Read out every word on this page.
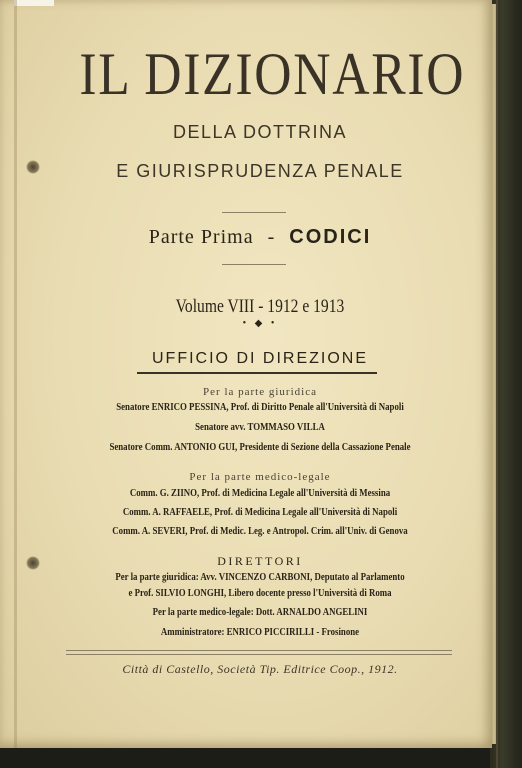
IL DIZIONARIO
DELLA DOTTRINA
E GIURISPRUDENZA PENALE
Parte Prima - CODICI
Volume VIII - 1912 e 1913
• ◆ •
UFFICIO DI DIREZIONE
Per la parte giuridica
Senatore ENRICO PESSINA, Prof. di Diritto Penale all'Università di Napoli
Senatore avv. TOMMASO VILLA
Senatore Comm. ANTONIO GUI, Presidente di Sezione della Cassazione Penale
Per la parte medico-legale
Comm. G. ZIINO, Prof. di Medicina Legale all'Università di Messina
Comm. A. RAFFAELE, Prof. di Medicina Legale all'Università di Napoli
Comm. A. SEVERI, Prof. di Medic. Leg. e Antropol. Crim. all'Univ. di Genova
DIRETTORI
Per la parte giuridica: Avv. VINCENZO CARBONI, Deputato al Parlamento
e Prof. SILVIO LONGHI, Libero docente presso l'Università di Roma
Per la parte medico-legale: Dott. ARNALDO ANGELINI
Amministratore: ENRICO PICCIRILLI - Frosinone
Città di Castello, Società Tip. Editrice Coop., 1912.
